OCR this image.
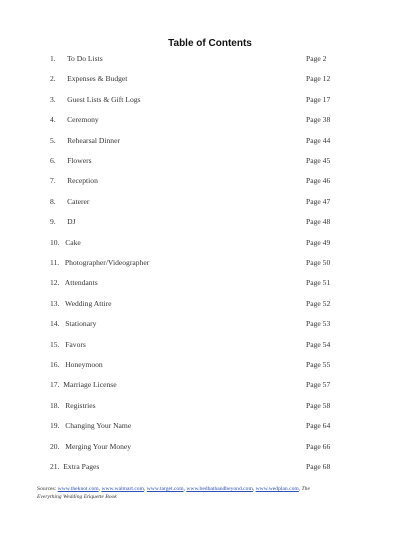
Table of Contents
1.      To Do Lists	Page 2
2.      Expenses & Budget	Page 12
3.      Guest Lists & Gift Logs	Page 17
4.      Ceremony	Page 38
5.      Rehearsal Dinner	Page 44
6.      Flowers	Page 45
7.      Reception	Page 46
8.      Caterer	Page 47
9.      DJ	Page 48
10.   Cake	Page 49
11.   Photographer/Videographer	Page 50
12.   Attendants	Page 51
13.   Wedding Attire	Page 52
14.   Stationary	Page 53
15.   Favors	Page 54
16.   Honeymoon	Page 55
17.  Marriage License	Page 57
18.   Registries	Page 58
19.   Changing Your Name	Page 64
20.   Merging Your Money	Page 66
21.  Extra Pages	Page 68
Sources: www.theknot.com, www.walmart.com, www.target.com, www.bedbathandbeyond.com, www.wedplan.com, The
Everything Wedding Etiquette Book
